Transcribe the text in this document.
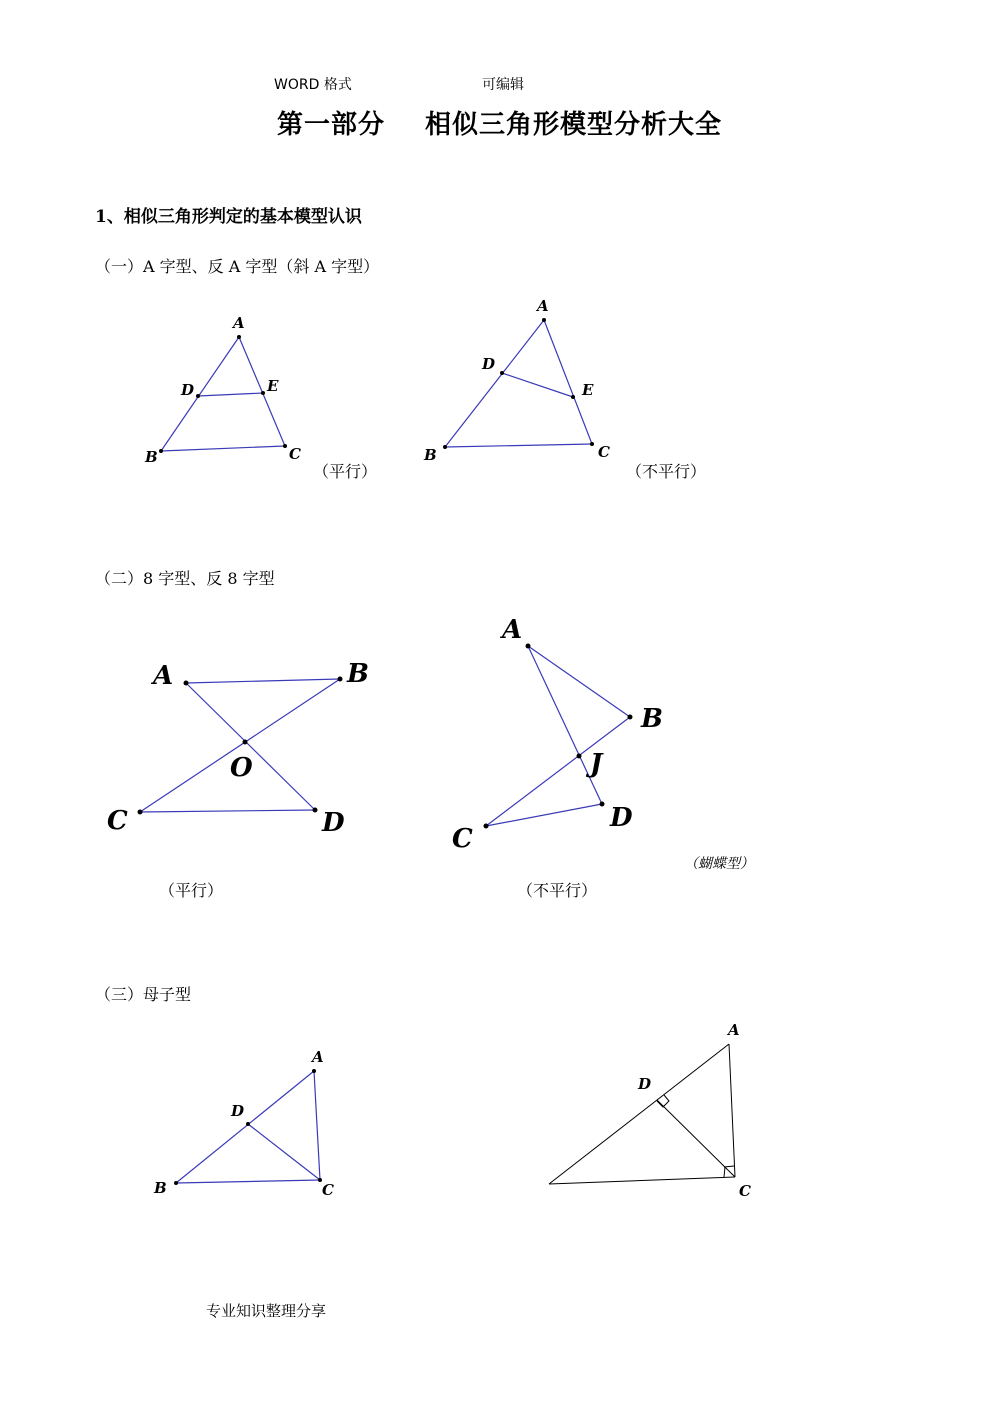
WORD 格式	可编辑
第一部分 相似三角形模型分析大全
1、相似三角形判定的基本模型认识
（一）A 字型、反 A 字型（斜 A 字型）
A
B	C
D	E
A
B	C
D
E
A	B
C	D
O
A
B
C
D
J
A
B	C
D
A
C
D
（平行）	（不平行）
（二）8 字型、反 8 字型
（平行）	（不平行）
（蝴蝶型）
（三）母子型
专业知识整理分享
